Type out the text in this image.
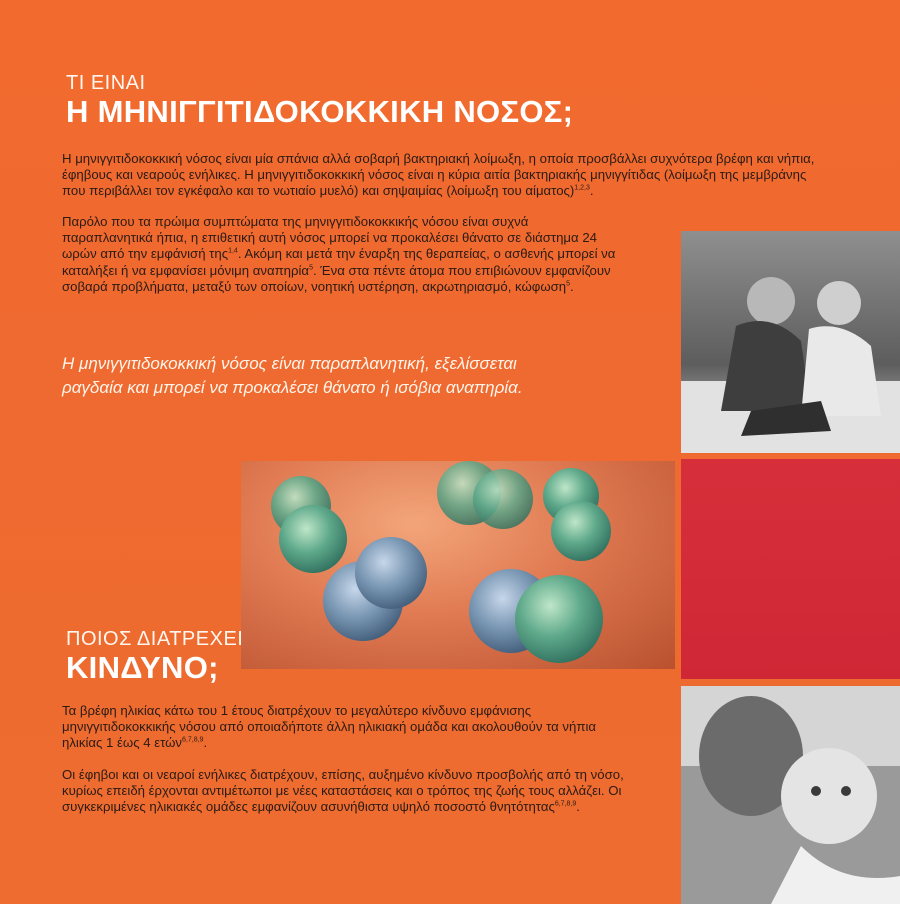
ΤΙ ΕΙΝΑΙ
Η ΜΗΝΙΓΓΙΤΙΔΟΚΟΚΚΙΚΗ ΝΟΣΟΣ;
Η μηνιγγιτιδοκοκκική νόσος είναι μία σπάνια αλλά σοβαρή βακτηριακή λοίμωξη, η οποία προσβάλλει συχνότερα βρέφη και νήπια, έφηβους και νεαρούς ενήλικες. Η μηνιγγιτιδοκοκκική νόσος είναι η κύρια αιτία βακτηριακής μηνιγγίτιδας (λοίμωξη της μεμβράνης που περιβάλλει τον εγκέφαλο και το νωτιαίο μυελό) και σηψαιμίας (λοίμωξη του αίματος)$^{1,2,3}$.
Παρόλο που τα πρώιμα συμπτώματα της μηνιγγιτιδοκοκκικής νόσου είναι συχνά παραπλανητικά ήπια, η επιθετική αυτή νόσος μπορεί να προκαλέσει θάνατο σε διάστημα 24 ωρών από την εμφάνισή της$^{1,4}$. Ακόμη και μετά την έναρξη της θεραπείας, ο ασθενής μπορεί να καταλήξει ή να εμφανίσει μόνιμη αναπηρία$^5$. Ένα στα πέντε άτομα που επιβιώνουν εμφανίζουν σοβαρά προβλήματα, μεταξύ των οποίων, νοητική υστέρηση, ακρωτηριασμό, κώφωση$^5$.
Η μηνιγγιτιδοκοκκική νόσος είναι παραπλανητική, εξελίσσεται ραγδαία και μπορεί να προκαλέσει θάνατο ή ισόβια αναπηρία.
ΠΟΙΟΣ ΔΙΑΤΡΕΧΕΙ
ΚΙΝΔΥΝΟ;
Τα βρέφη ηλικίας κάτω του 1 έτους διατρέχουν το μεγαλύτερο κίνδυνο εμφάνισης μηνιγγιτιδοκοκκικής νόσου από οποιαδήποτε άλλη ηλικιακή ομάδα και ακολουθούν τα νήπια ηλικίας 1 έως 4 ετών$^{6,7,8,9}$.
Οι έφηβοι και οι νεαροί ενήλικες διατρέχουν, επίσης, αυξημένο κίνδυνο προσβολής από τη νόσο, κυρίως επειδή έρχονται αντιμέτωποι με νέες καταστάσεις και ο τρόπος της ζωής τους αλλάζει. Οι συγκεκριμένες ηλικιακές ομάδες εμφανίζουν ασυνήθιστα υψηλό ποσοστό θνητότητας$^{6,7,8,9}$.
